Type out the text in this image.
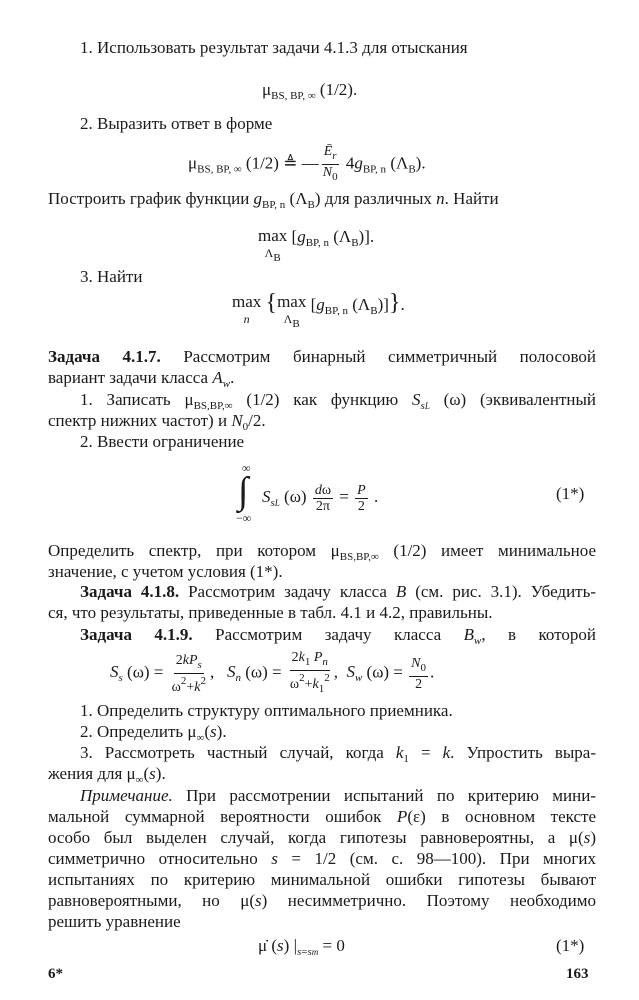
1. Использовать результат задачи 4.1.3 для отыскания
$\mu_{BS, BP, \infty}$ (1/2).
2. Выразить ответ в форме
$\mu_{BS, BP, \infty}$ (1/2) ≜ — $\frac{Ē_r}{N_0} 4g_{BP, n}$ $(\Lambda_B)$.
Построить график функции $g_{BP, n}$ $(\Lambda_B)$ для различных n. Найти
max
ΛB
[$g_{BP, n}$ $(\Lambda_B)$].
3. Найти
max
n
{max
ΛB
[$g_{BP, n}$ $(\Lambda_B)$]}.
Задача 4.1.7. Рассмотрим бинарный симметричный полосовой
вариант задачи класса $A_w$.
1. Записать $\mu_{BS,BP,\infty}$ (1/2) как функцию $S_{sL}$ (ω) (эквивалентный
спектр нижних частот) и $N_0/2$.
2. Ввести ограничение
∞
∫
−∞
$S_{sL}$ $(\omega) \frac{d\omega}{2\pi} = \frac{P}{2}$ .	(1*)
Определить спектр, при котором $\mu_{BS,BP,\infty}$ (1/2) имеет минимальное
значение, с учетом условия (1*).
Задача 4.1.8. Рассмотрим задачу класса B (см. рис. 3.1). Убедить-
ся, что результаты, приведенные в табл. 4.1 и 4.2, правильны.
Задача 4.1.9. Рассмотрим задачу класса $B_w$, в которой
$S_s$ $(\omega) = \frac{2kP_s}{\omega^2+k^2}$ ,   $S_n$ $(\omega) = \frac{2k_1 P_n}{\omega^2+k_1^2}$ ,  $S_w$ $(\omega) = \frac{N_0}{2}$ .
1. Определить структуру оптимального приемника.
2. Определить $\mu_\infty(s)$.
3. Рассмотреть частный случай, когда $k_1 = k$. Упростить выра-
жения для $\mu_\infty(s)$.
Примечание. При рассмотрении испытаний по критерию мини-
мальной суммарной вероятности ошибок P(ε) в основном тексте
особо был выделен случай, когда гипотезы равновероятны, а μ(s)
симметрично относительно s = 1/2 (см. с. 98—100). При многих
испытаниях по критерию минимальной ошибки гипотезы бывают
равновероятными, но μ(s) несимметрично. Поэтому необходимо
решить уравнение
μ̇ (s) $|_{s=sm} = 0$	(1*)
6*	163
